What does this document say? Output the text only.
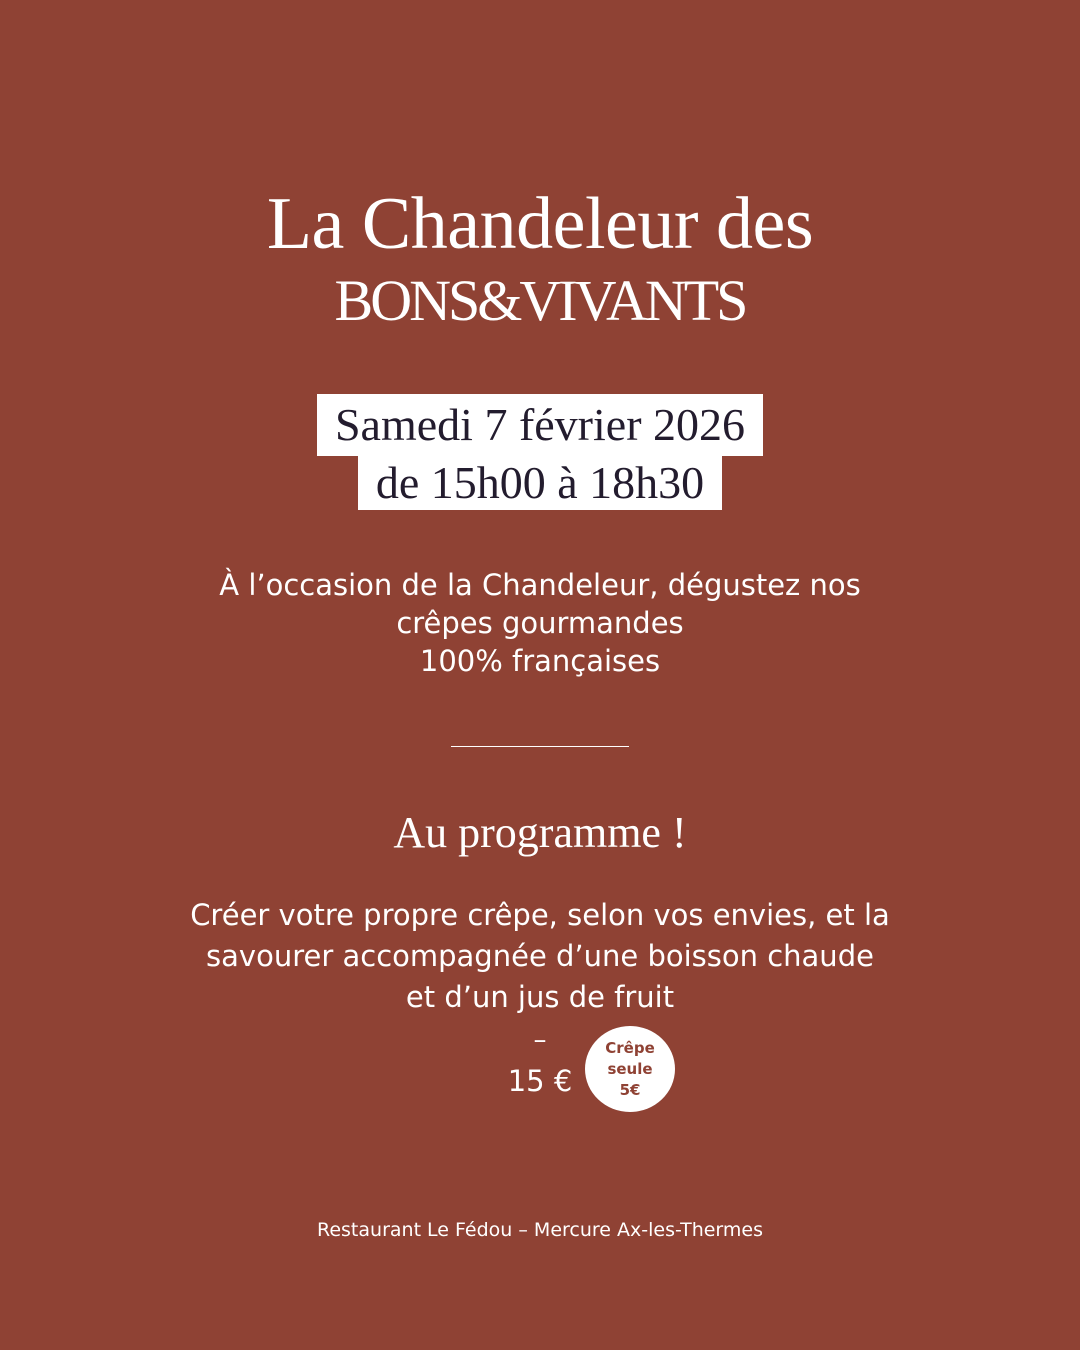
La Chandeleur des
BONS&VIVANTS
Samedi 7 février 2026
de 15h00 à 18h30
À l’occasion de la Chandeleur, dégustez nos
crêpes gourmandes
100% françaises
Au programme !
Créer votre propre crêpe, selon vos envies, et la
savourer accompagnée d’une boisson chaude
et d’un jus de fruit
–
15 €
Crêpe
seule
5€
Restaurant Le Fédou – Mercure Ax-les-Thermes
